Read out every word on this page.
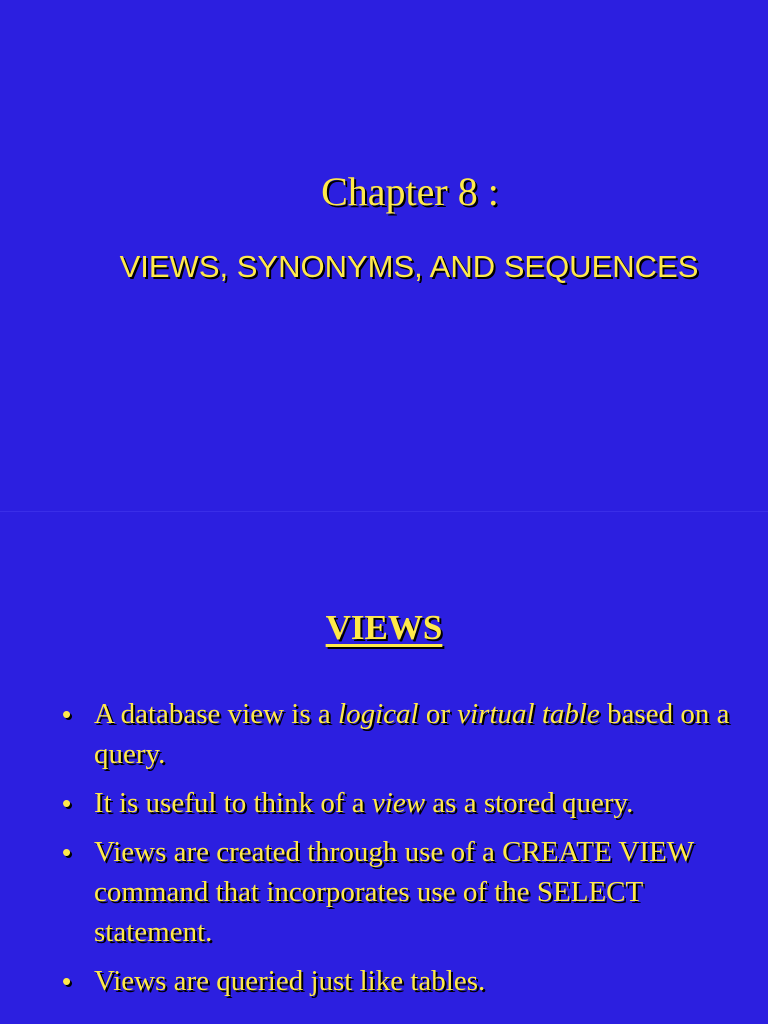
Chapter 8 :
VIEWS, SYNONYMS, AND SEQUENCES
VIEWS
• A database view is a logical or virtual table based on a query.
• It is useful to think of a view as a stored query.
• Views are created through use of a CREATE VIEW command that incorporates use of the SELECT statement.
• Views are queried just like tables.
